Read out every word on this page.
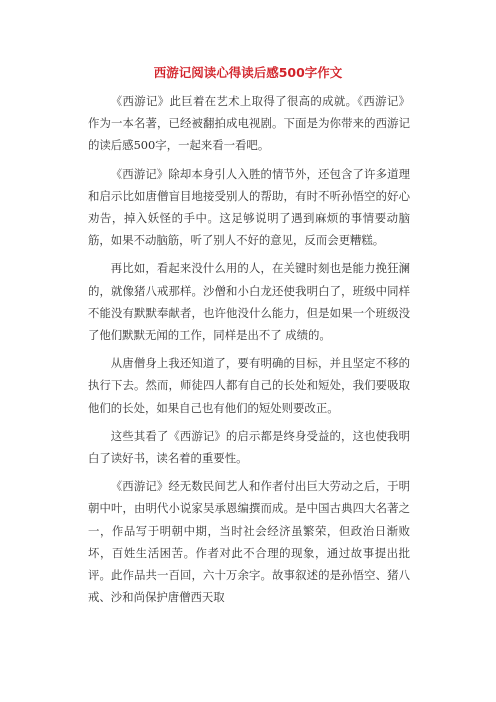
西游记阅读心得读后感500字作文

《西游记》此巨着在艺术上取得了很高的成就。《西游记》作为一本名著，已经被翻拍成电视剧。下面是为你带来的西游记的读后感500字，一起来看一看吧。

《西游记》除却本身引人入胜的情节外，还包含了许多道理和启示比如唐僧盲目地接受别人的帮助，有时不听孙悟空的好心劝告，掉入妖怪的手中。这足够说明了遇到麻烦的事情要动脑筋，如果不动脑筋，听了别人不好的意见，反而会更糟糕。

再比如，看起来没什么用的人，在关键时刻也是能力挽狂澜的，就像猪八戒那样。沙僧和小白龙还使我明白了，班级中同样不能没有默默奉献者，也许他没什么能力，但是如果一个班级没了他们默默无闻的工作，同样是出不了 成绩的。

从唐僧身上我还知道了，要有明确的目标，并且坚定不移的执行下去。然而，师徒四人都有自己的长处和短处，我们要吸取他们的长处，如果自己也有他们的短处则要改正。

这些其看了《西游记》的启示都是终身受益的，这也使我明白了读好书，读名着的重要性。

《西游记》经无数民间艺人和作者付出巨大劳动之后，于明朝中叶，由明代小说家吴承恩编撰而成。是中国古典四大名著之一，作品写于明朝中期，当时社会经济虽繁荣，但政治日渐败坏，百姓生活困苦。作者对此不合理的现象，通过故事提出批评。此作品共一百回，六十万余字。故事叙述的是孙悟空、猪八戒、沙和尚保护唐僧西天取
